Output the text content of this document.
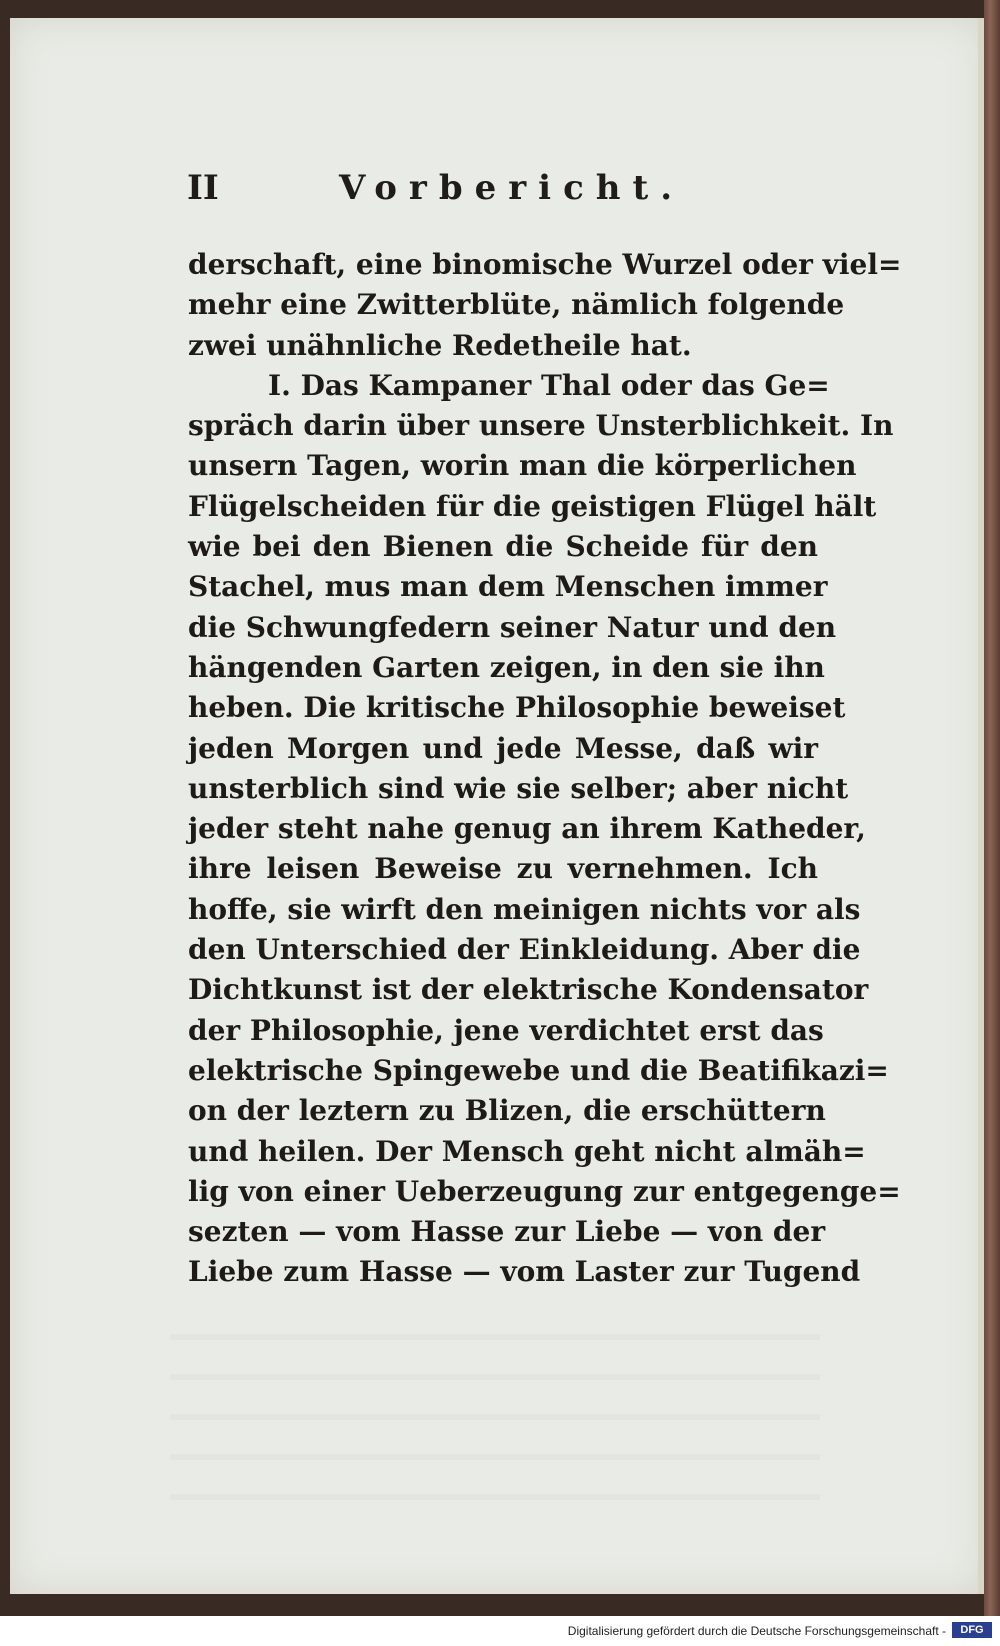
II	Vorbericht.
derschaft, eine binomische Wurzel oder viel=
mehr eine Zwitterblüte, nämlich folgende
zwei unähnliche Redetheile hat.
I. Das Kampaner Thal oder das Ge=
spräch darin über unsere Unsterblichkeit. In
unsern Tagen, worin man die körperlichen
Flügelscheiden für die geistigen Flügel hält
wie bei den Bienen die Scheide für den
Stachel, mus man dem Menschen immer
die Schwungfedern seiner Natur und den
hängenden Garten zeigen, in den sie ihn
heben. Die kritische Philosophie beweiset
jeden Morgen und jede Messe, daß wir
unsterblich sind wie sie selber; aber nicht
jeder steht nahe genug an ihrem Katheder,
ihre leisen Beweise zu vernehmen. Ich
hoffe, sie wirft den meinigen nichts vor als
den Unterschied der Einkleidung. Aber die
Dichtkunst ist der elektrische Kondensator
der Philosophie, jene verdichtet erst das
elektrische Spingewebe und die Beatifikazi=
on der leztern zu Blizen, die erschüttern
und heilen. Der Mensch geht nicht almäh=
lig von einer Ueberzeugung zur entgegenge=
sezten — vom Hasse zur Liebe — von der
Liebe zum Hasse — vom Laster zur Tugend
Digitalisierung gefördert durch die Deutsche Forschungsgemeinschaft -	DFG
